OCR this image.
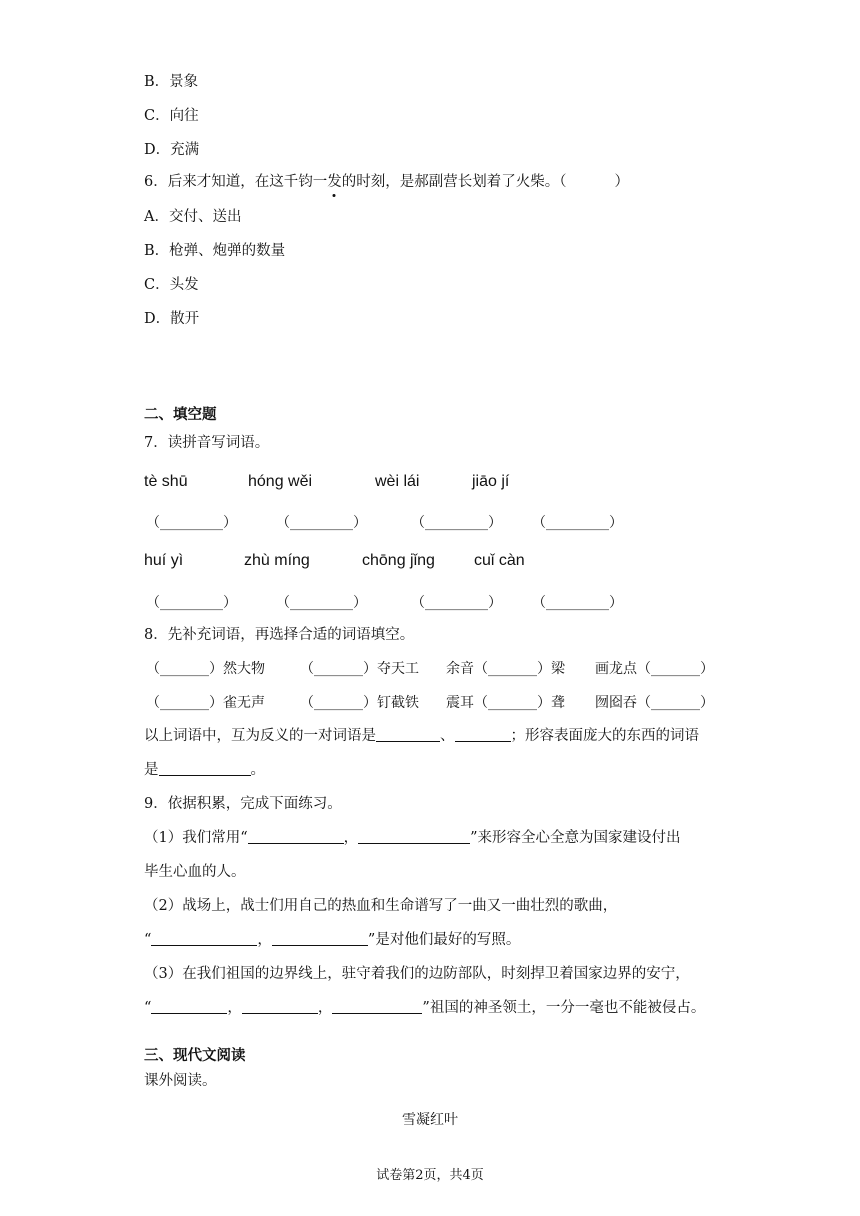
B．景象
C．向往
D．充满
6．后来才知道，在这千钧一发的时刻，是郝副营长划着了火柴。（	）
A．交付、送出
B．枪弹、炮弹的数量
C．头发
D．散开
二、填空题
7．读拼音写词语。
tè shū	hónɡ wěi	wèi lái	jiāo jí
（_________）	（_________）	（_________） （_________）
huí yì	zhù mínɡ	chōnɡ jǐnɡ cuǐ càn
（_________）	（_________）	（_________） （_________）
8．先补充词语，再选择合适的词语填空。
（_______）然大物	（_______）夺天工 余音（_______）梁 画龙点（_______）
（_______）雀无声	（_______）钉截铁 震耳（_______）聋 囫囵吞（_______）
以上词语中，互为反义的一对词语是	、	；形容表面庞大的东西的词语
是	。
9．依据积累，完成下面练习。
（1）我们常用“	，	”来形容全心全意为国家建设付出
毕生心血的人。
（2）战场上，战士们用自己的热血和生命谱写了一曲又一曲壮烈的歌曲，
“	，	”是对他们最好的写照。
（3）在我们祖国的边界线上，驻守着我们的边防部队，时刻捍卫着国家边界的安宁，
“	，	，	”祖国的神圣领土，一分一毫也不能被侵占。
三、现代文阅读
课外阅读。
雪凝红叶
试卷第2页，共4页
